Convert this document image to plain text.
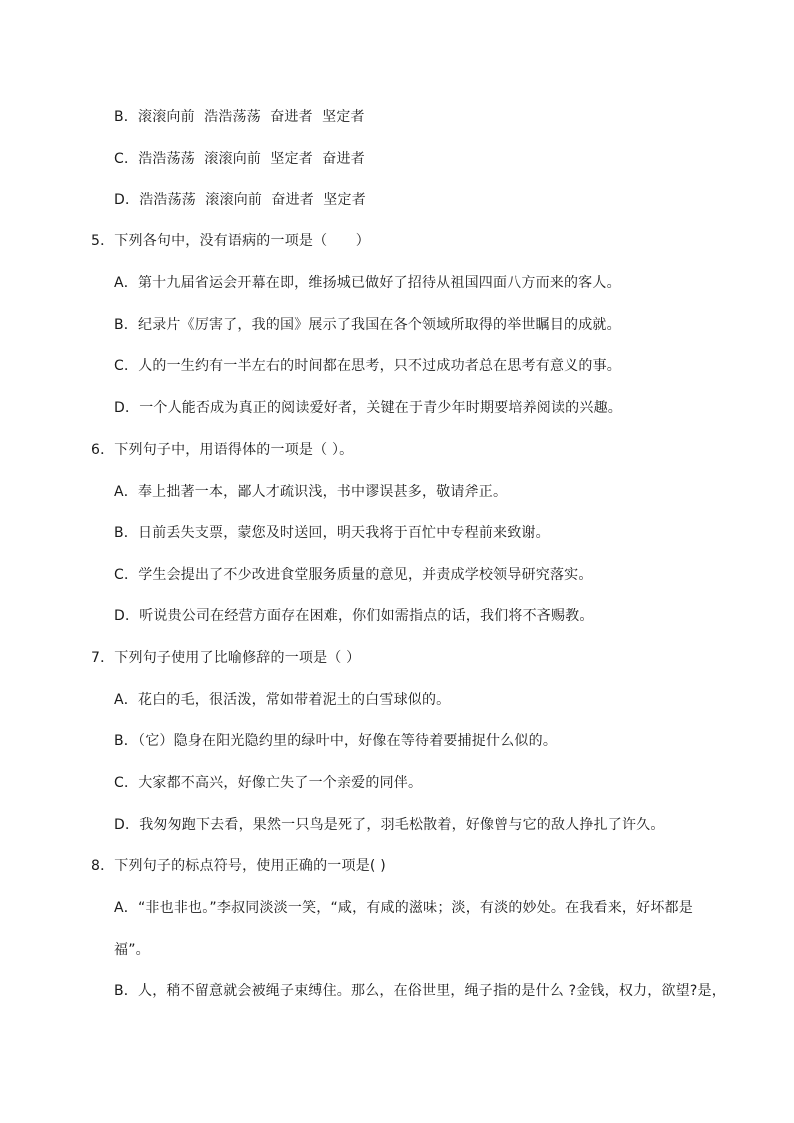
B．滚滚向前  浩浩荡荡  奋进者  坚定者
C．浩浩荡荡  滚滚向前  坚定者  奋进者
D．浩浩荡荡  滚滚向前  奋进者  坚定者
5．下列各句中，没有语病的一项是（　　）
A．第十九届省运会开幕在即，维扬城已做好了招待从祖国四面八方而来的客人。
B．纪录片《厉害了，我的国》展示了我国在各个领域所取得的举世瞩目的成就。
C．人的一生约有一半左右的时间都在思考，只不过成功者总在思考有意义的事。
D．一个人能否成为真正的阅读爱好者，关键在于青少年时期要培养阅读的兴趣。
6．下列句子中，用语得体的一项是（ ）。
A．奉上拙著一本，鄙人才疏识浅，书中谬误甚多，敬请斧正。
B．日前丢失支票，蒙您及时送回，明天我将于百忙中专程前来致谢。
C．学生会提出了不少改进食堂服务质量的意见，并责成学校领导研究落实。
D．听说贵公司在经营方面存在困难，你们如需指点的话，我们将不吝赐教。
7．下列句子使用了比喻修辞的一项是（ ）
A．花白的毛，很活泼，常如带着泥土的白雪球似的。
B．（它）隐身在阳光隐约里的绿叶中，好像在等待着要捕捉什么似的。
C．大家都不高兴，好像亡失了一个亲爱的同伴。
D．我匆匆跑下去看，果然一只鸟是死了，羽毛松散着，好像曾与它的敌人挣扎了许久。
8．下列句子的标点符号，使用正确的一项是( )
A．“非也非也。”李叔同淡淡一笑，“咸，有咸的滋味；淡，有淡的妙处。在我看来，好坏都是
福”。
B．人，稍不留意就会被绳子束缚住。那么，在俗世里，绳子指的是什么 ?金钱，权力，欲望?是，
